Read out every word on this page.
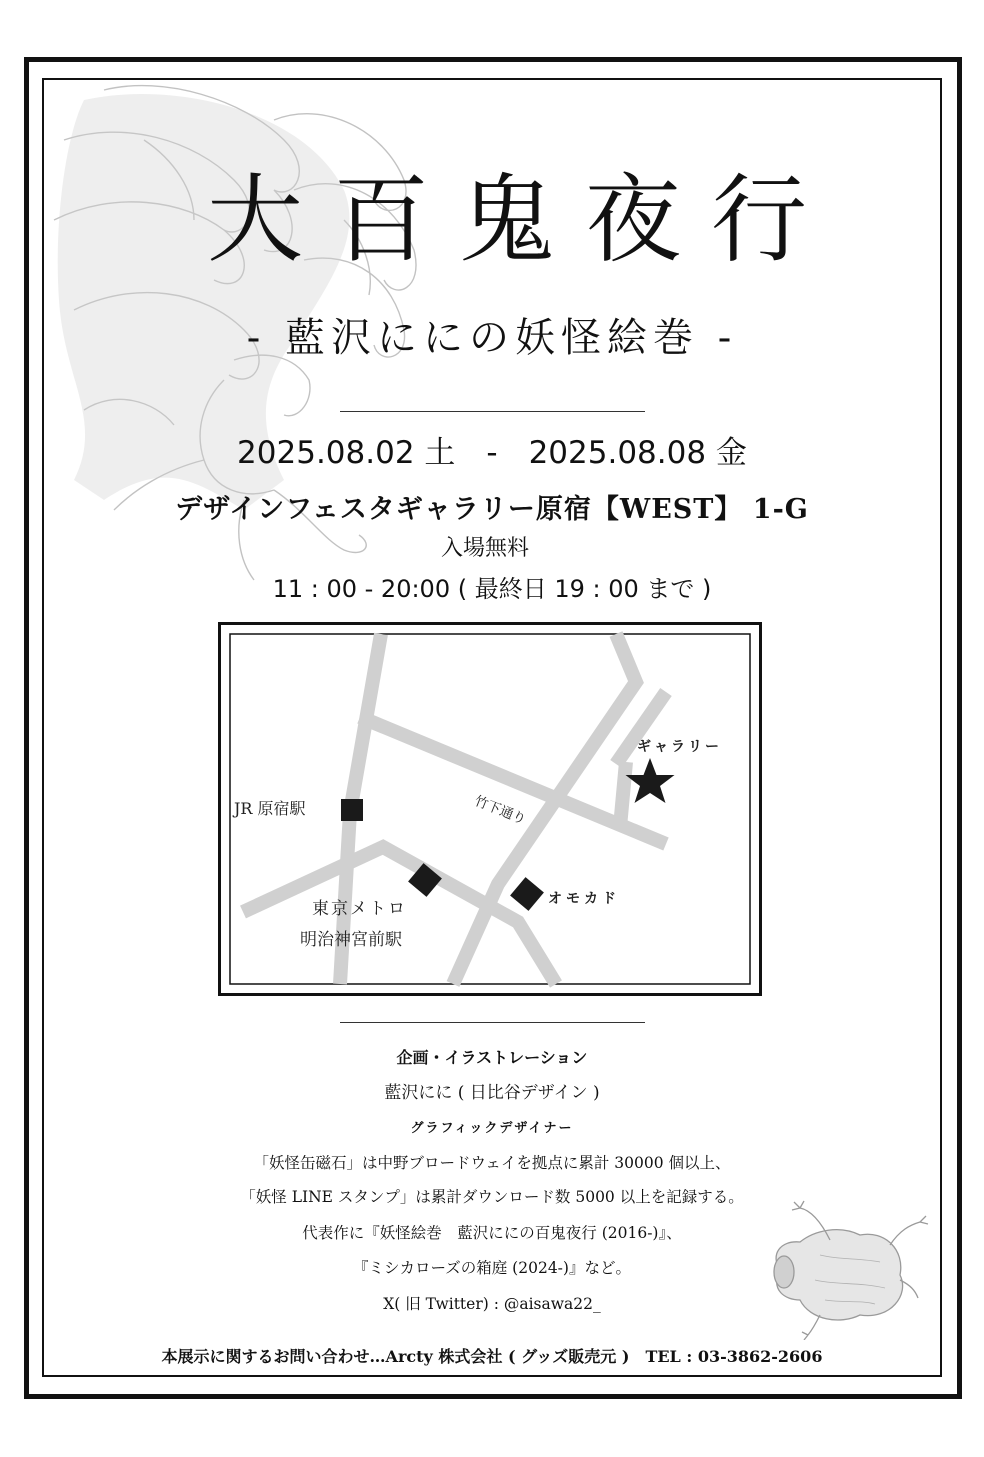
大百鬼夜行
- 藍沢ににの妖怪絵巻 -
2025.08.02 土　-　2025.08.08 金
デザインフェスタギャラリー原宿【WEST】 1-G
入場無料
11 : 00 - 20:00 ( 最終日 19 : 00 まで )
竹下通り
ギャラリー
JR 原宿駅
東京メトロ
明治神宮前駅
オモカド
企画・イラストレーション
藍沢にに ( 日比谷デザイン )
グラフィックデザイナー
「妖怪缶磁石」は中野ブロードウェイを拠点に累計 30000 個以上、
「妖怪 LINE スタンプ」は累計ダウンロード数 5000 以上を記録する。
代表作に『妖怪絵巻　藍沢ににの百鬼夜行 (2016-)』、
『ミシカローズの箱庭 (2024-)』など。
X( 旧 Twitter) : @aisawa22_
本展示に関するお問い合わせ…Arcty 株式会社 ( グッズ販売元 )　TEL : 03-3862-2606
